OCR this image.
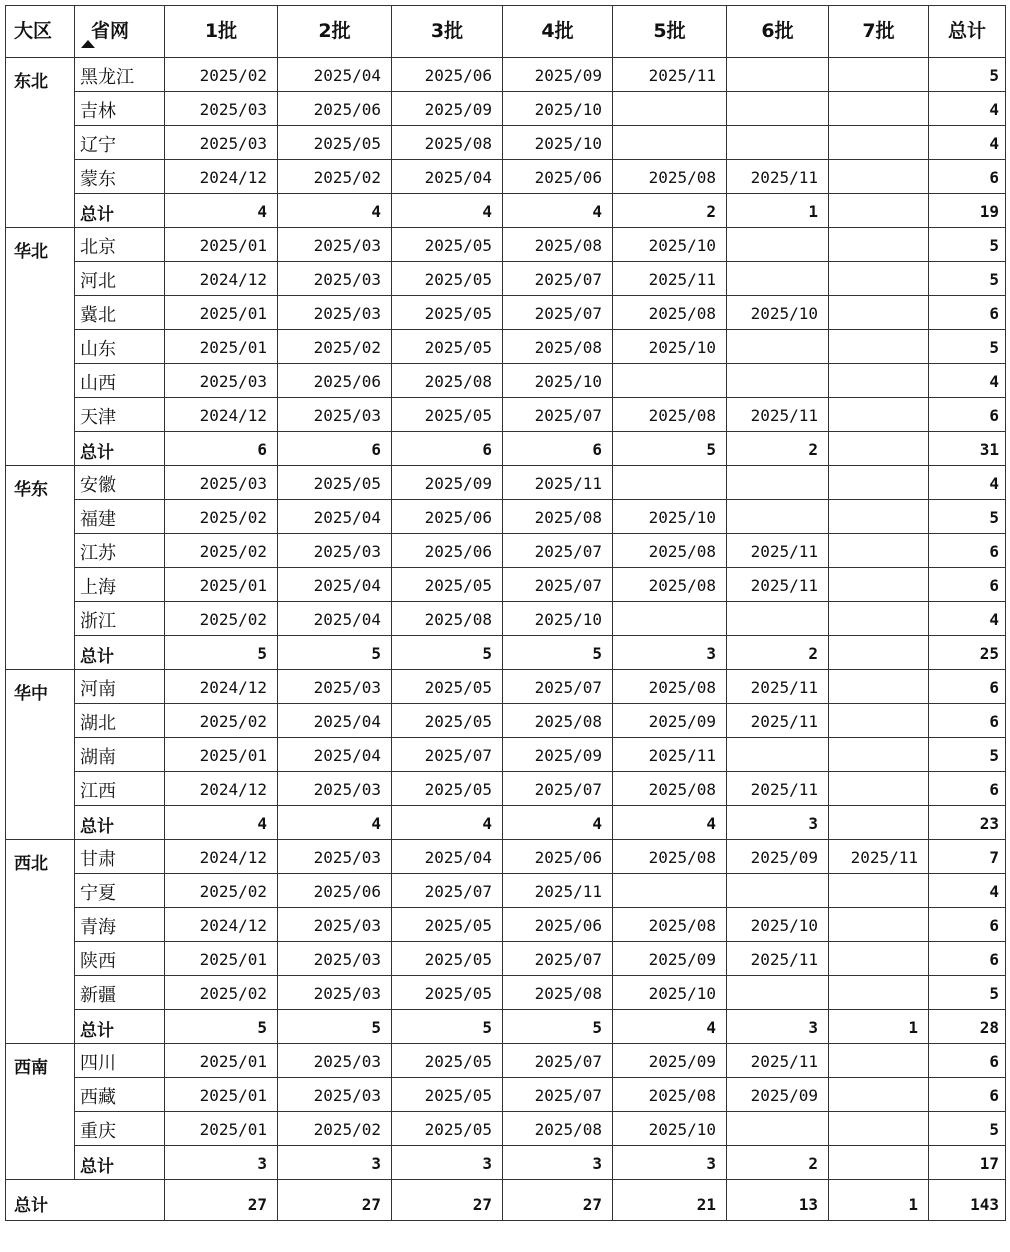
大区	省网	1批	2批	3批	4批	5批	6批	7批	总计
东北	黑龙江	2025/02	2025/04	2025/06	2025/09	2025/11			5
	吉林	2025/03	2025/06	2025/09	2025/10				4
	辽宁	2025/03	2025/05	2025/08	2025/10				4
	蒙东	2024/12	2025/02	2025/04	2025/06	2025/08	2025/11		6
	总计	4	4	4	4	2	1		19
华北	北京	2025/01	2025/03	2025/05	2025/08	2025/10			5
	河北	2024/12	2025/03	2025/05	2025/07	2025/11			5
	冀北	2025/01	2025/03	2025/05	2025/07	2025/08	2025/10		6
	山东	2025/01	2025/02	2025/05	2025/08	2025/10			5
	山西	2025/03	2025/06	2025/08	2025/10				4
	天津	2024/12	2025/03	2025/05	2025/07	2025/08	2025/11		6
	总计	6	6	6	6	5	2		31
华东	安徽	2025/03	2025/05	2025/09	2025/11				4
	福建	2025/02	2025/04	2025/06	2025/08	2025/10			5
	江苏	2025/02	2025/03	2025/06	2025/07	2025/08	2025/11		6
	上海	2025/01	2025/04	2025/05	2025/07	2025/08	2025/11		6
	浙江	2025/02	2025/04	2025/08	2025/10				4
	总计	5	5	5	5	3	2		25
华中	河南	2024/12	2025/03	2025/05	2025/07	2025/08	2025/11		6
	湖北	2025/02	2025/04	2025/05	2025/08	2025/09	2025/11		6
	湖南	2025/01	2025/04	2025/07	2025/09	2025/11			5
	江西	2024/12	2025/03	2025/05	2025/07	2025/08	2025/11		6
	总计	4	4	4	4	4	3		23
西北	甘肃	2024/12	2025/03	2025/04	2025/06	2025/08	2025/09	2025/11	7
	宁夏	2025/02	2025/06	2025/07	2025/11				4
	青海	2024/12	2025/03	2025/05	2025/06	2025/08	2025/10		6
	陕西	2025/01	2025/03	2025/05	2025/07	2025/09	2025/11		6
	新疆	2025/02	2025/03	2025/05	2025/08	2025/10			5
	总计	5	5	5	5	4	3	1	28
西南	四川	2025/01	2025/03	2025/05	2025/07	2025/09	2025/11		6
	西藏	2025/01	2025/03	2025/05	2025/07	2025/08	2025/09		6
	重庆	2025/01	2025/02	2025/05	2025/08	2025/10			5
	总计	3	3	3	3	3	2		17
总计		27	27	27	27	21	13	1	143
